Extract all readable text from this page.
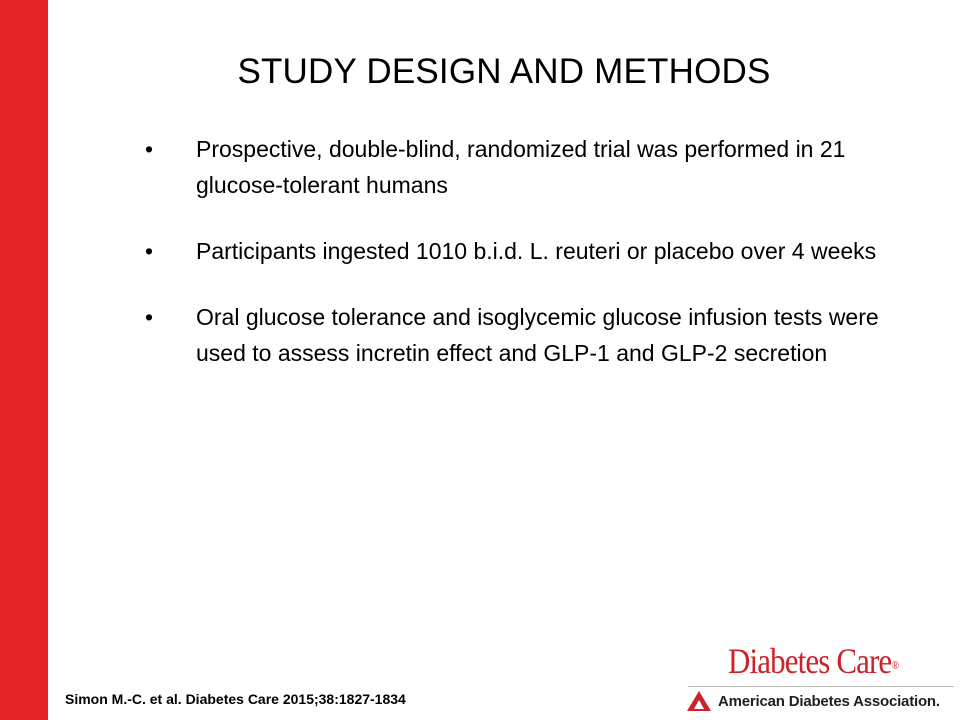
STUDY DESIGN AND METHODS
• Prospective, double-blind, randomized trial was performed in 21 glucose-tolerant humans
• Participants ingested 1010 b.i.d. L. reuteri or placebo over 4 weeks
• Oral glucose tolerance and isoglycemic glucose infusion tests were used to assess incretin effect and GLP-1 and GLP-2 secretion
Simon M.-C. et al. Diabetes Care 2015;38:1827-1834
Diabetes Care®
American Diabetes Association.
